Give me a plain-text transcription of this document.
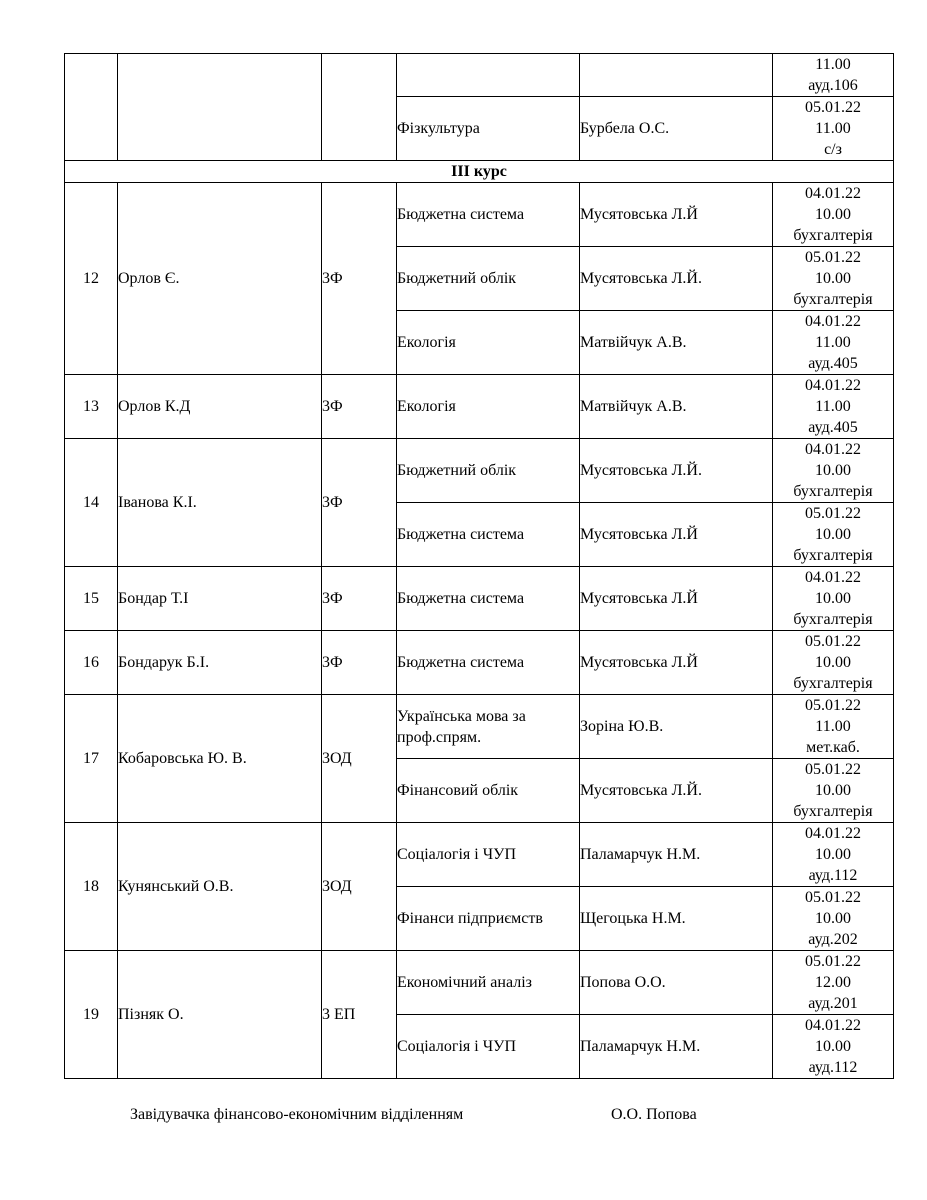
					11.00
ауд.106

			Фізкультура	Бурбела О.С.	05.01.22
11.00
с/з

ІІІ курс					
12	Орлов Є.	3Ф	Бюджетна система	Мусятовська Л.Й	04.01.22
10.00
бухгалтерія

			Бюджетний облік	Мусятовська Л.Й.	05.01.22
10.00
бухгалтерія

			Екологія	Матвійчук А.В.	04.01.22
11.00
ауд.405

13	Орлов К.Д	3Ф	Екологія	Матвійчук А.В.	04.01.22
11.00
ауд.405

14	Іванова К.І.	3Ф	Бюджетний облік	Мусятовська Л.Й.	04.01.22
10.00
бухгалтерія

			Бюджетна система	Мусятовська Л.Й	05.01.22
10.00
бухгалтерія

15	Бондар Т.І	3Ф	Бюджетна система	Мусятовська Л.Й	04.01.22
10.00
бухгалтерія

16	Бондарук Б.І.	3Ф	Бюджетна система	Мусятовська Л.Й	05.01.22
10.00
бухгалтерія

17	Кобаровська Ю. В.	3ОД	Українська мова за проф.спрям.	Зоріна Ю.В.	05.01.22
11.00
мет.каб.

			Фінансовий облік	Мусятовська Л.Й.	05.01.22
10.00
бухгалтерія

18	Кунянський О.В.	3ОД	Соціалогія і ЧУП	Паламарчук Н.М.	04.01.22
10.00
ауд.112

			Фінанси підприємств	Щегоцька Н.М.	05.01.22
10.00
ауд.202

19	Пізняк О.	3 ЕП	Економічний аналіз	Попова О.О.	05.01.22
12.00
ауд.201

			Соціалогія і ЧУП	Паламарчук Н.М.	04.01.22
10.00
ауд.112
Завідувачка фінансово-економічним відділенням	О.О. Попова
